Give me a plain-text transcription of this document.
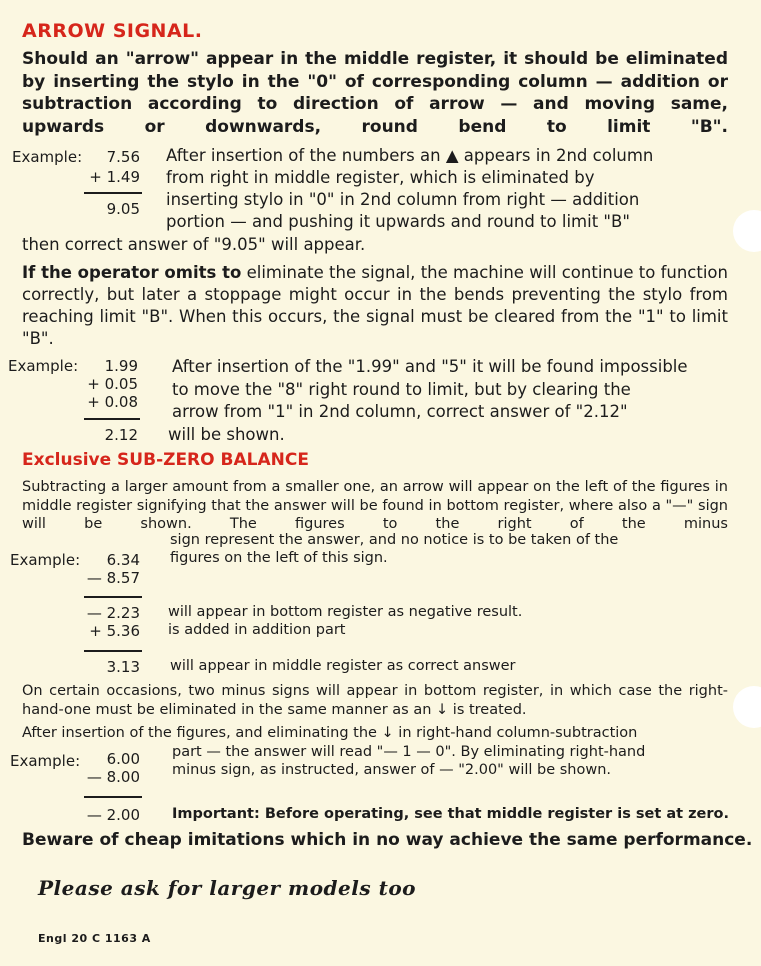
ARROW SIGNAL.
Should an "arrow" appear in the middle register, it should be eliminated by inserting the stylo in the "0" of corresponding column — addition or subtraction according to direction of arrow — and moving same, upwards or downwards, round bend to limit "B".
Example:	7.56
+ 1.49
9.05
After insertion of the numbers an ▲ appears in 2nd column
from right in middle register, which is eliminated by
inserting stylo in "0" in 2nd column from right — addition
portion — and pushing it upwards and round to limit "B"
then correct answer of "9.05" will appear.
If the operator omits to eliminate the signal, the machine will continue to function correctly, but later a stoppage might occur in the bends preventing the stylo from reaching limit "B". When this occurs, the signal must be cleared from the "1" to limit "B".
Example:	1.99
+ 0.05
+ 0.08
2.12
After insertion of the "1.99" and "5" it will be found impossible
to move the "8" right round to limit, but by clearing the
arrow from "1" in 2nd column, correct answer of "2.12"
will be shown.
Exclusive SUB-ZERO BALANCE
Subtracting a larger amount from a smaller one, an arrow will appear on the left of the figures in middle register signifying that the answer will be found in bottom register, where also a "—" sign will be shown. The figures to the right of the minus
sign represent the answer, and no notice is to be taken of the
figures on the left of this sign.
Example:	6.34
— 8.57
— 2.23 will appear in bottom register as negative result.
+ 5.36 is added in addition part
3.13 will appear in middle register as correct answer
On certain occasions, two minus signs will appear in bottom register, in which case the right-hand-one must be eliminated in the same manner as an ↓ is treated.
After insertion of the figures, and eliminating the ↓ in right-hand column-subtraction
Example:	6.00
— 8.00
part — the answer will read "— 1 — 0". By eliminating right-hand
minus sign, as instructed, answer of — "2.00" will be shown.
— 2.00 Important: Before operating, see that middle register is set at zero.
Beware of cheap imitations which in no way achieve the same performance.
Please ask for larger models too
Engl 20 C 1163 A
